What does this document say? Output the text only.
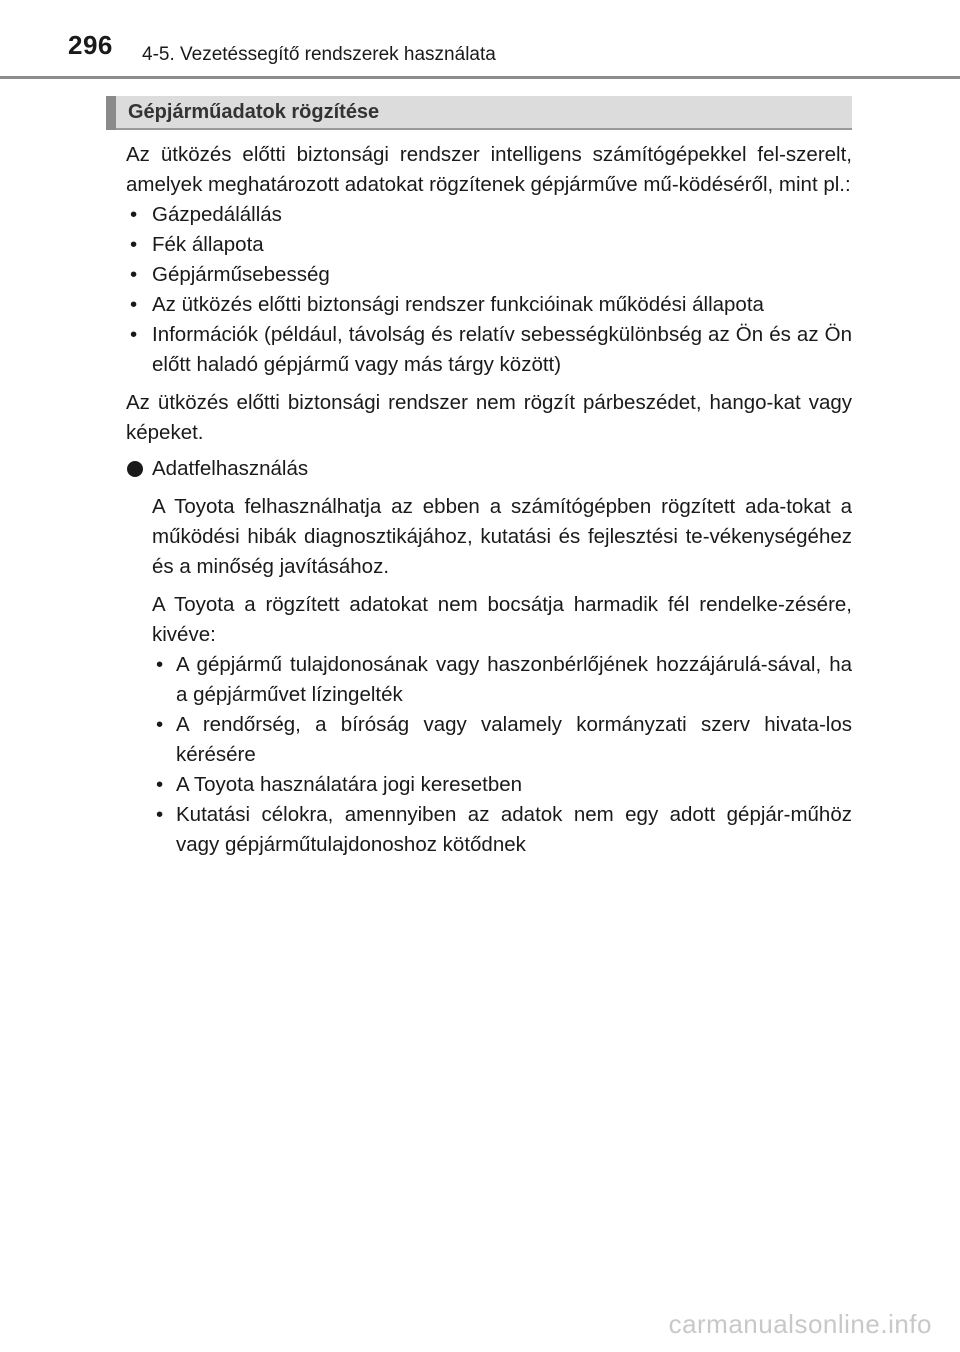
296 4-5. Vezetéssegítő rendszerek használata
Gépjárműadatok rögzítése

Az ütközés előtti biztonsági rendszer intelligens számítógépekkel fel-szerelt, amelyek meghatározott adatokat rögzítenek gépjárműve mű-ködéséről, mint pl.:

• Gázpedálállás
• Fék állapota
• Gépjárműsebesség
• Az ütközés előtti biztonsági rendszer funkcióinak működési állapota
• Információk (például, távolság és relatív sebességkülönbség az Ön és az Ön előtt haladó gépjármű vagy más tárgy között)

Az ütközés előtti biztonsági rendszer nem rögzít párbeszédet, hango-kat vagy képeket.

Adatfelhasználás

A Toyota felhasználhatja az ebben a számítógépben rögzített ada-tokat a működési hibák diagnosztikájához, kutatási és fejlesztési te-vékenységéhez és a minőség javításához.

A Toyota a rögzített adatokat nem bocsátja harmadik fél rendelke-zésére, kivéve:

• A gépjármű tulajdonosának vagy haszonbérlőjének hozzájárulá-sával, ha a gépjárművet lízingelték
• A rendőrség, a bíróság vagy valamely kormányzati szerv hivata-los kérésére
• A Toyota használatára jogi keresetben
• Kutatási célokra, amennyiben az adatok nem egy adott gépjár-műhöz vagy gépjárműtulajdonoshoz kötődnek
carmanualsonline.info
